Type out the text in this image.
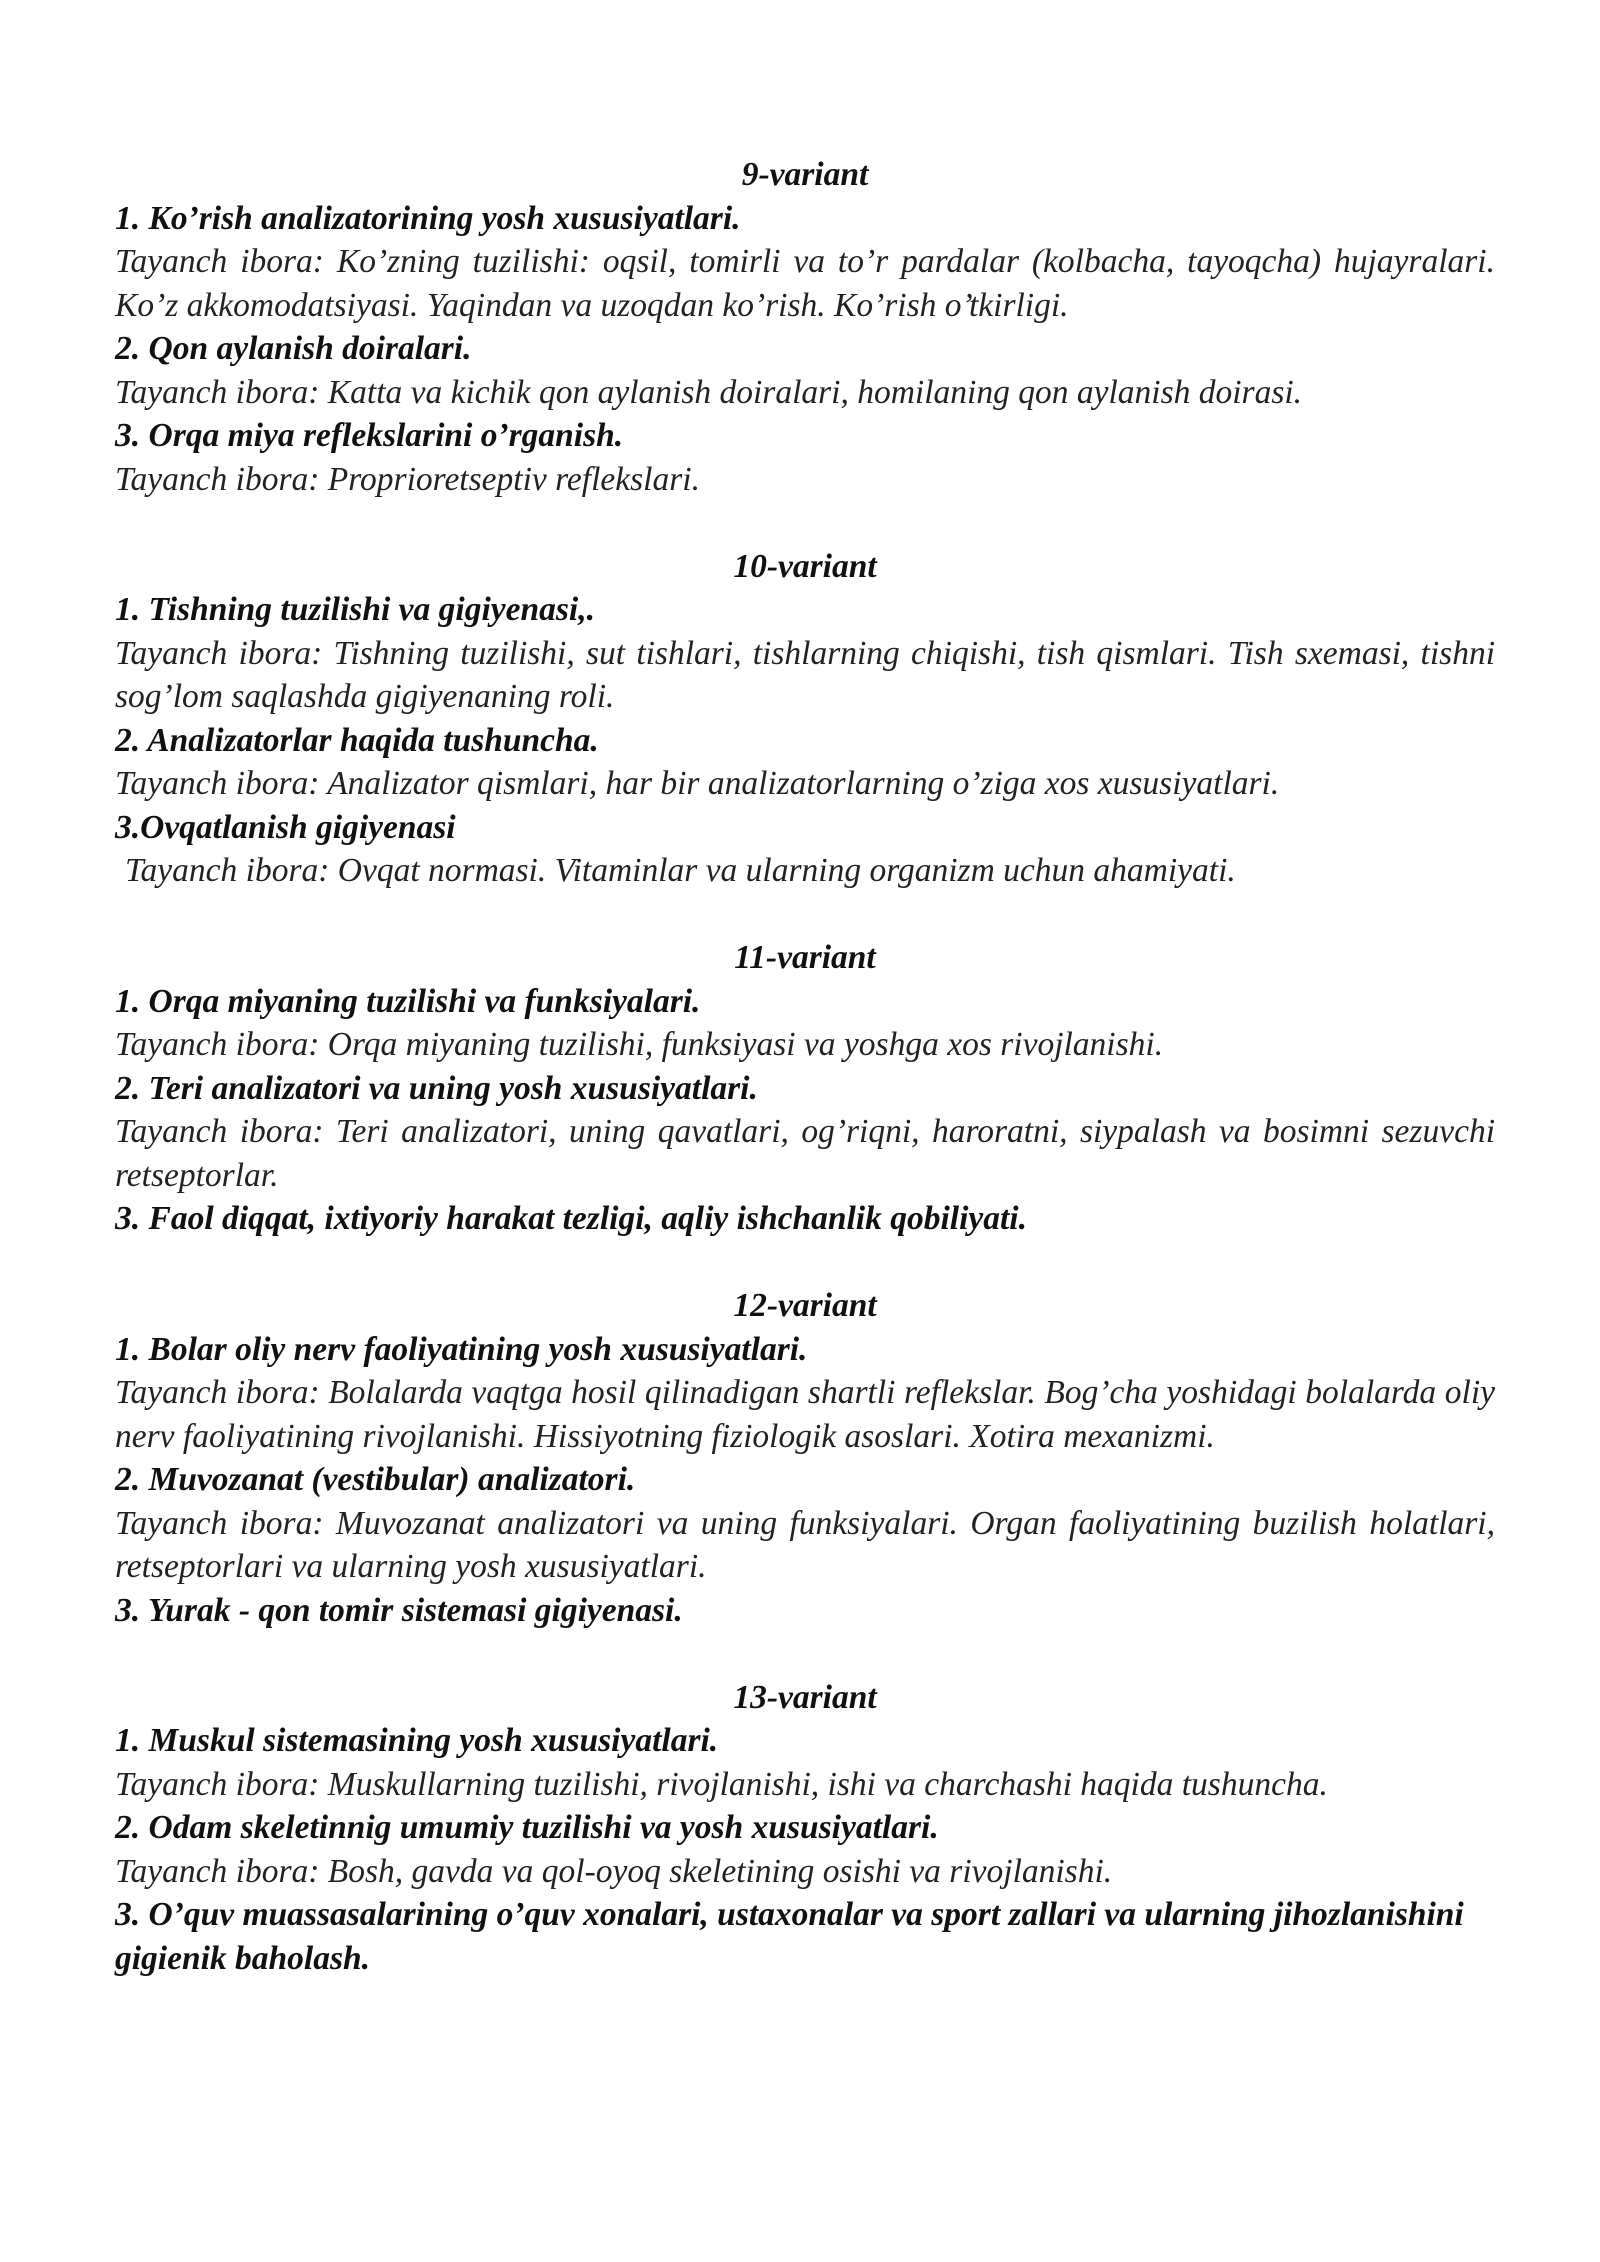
9-variant

1. Ko’rish analizatorining yosh xususiyatlari.

Tayanch ibora: Ko’zning tuzilishi: oqsil, tomirli va to’r pardalar (kolbacha, tayoqcha) hujayralari. Ko’z akkomodatsiyasi. Yaqindan va uzoqdan ko’rish. Ko’rish o’tkirligi.

2. Qon aylanish doiralari.

Tayanch ibora: Katta va kichik qon aylanish doiralari, homilaning qon aylanish doirasi.

3. Orqa miya reflekslarini o’rganish.

Tayanch ibora: Proprioretseptiv reflekslari.

10-variant

1. Tishning tuzilishi va gigiyenasi,.

Tayanch ibora: Tishning tuzilishi, sut tishlari, tishlarning chiqishi, tish qismlari. Tish sxemasi, tishni sog’lom saqlashda gigiyenaning roli.

2. Analizatorlar haqida tushuncha.

Tayanch ibora: Analizator qismlari, har bir analizatorlarning o’ziga xos xususiyatlari.

3.Ovqatlanish gigiyenasi

Tayanch ibora: Ovqat normasi. Vitaminlar va ularning organizm uchun ahamiyati.

11-variant

1. Orqa miyaning tuzilishi va funksiyalari.

Tayanch ibora: Orqa miyaning tuzilishi, funksiyasi va yoshga xos rivojlanishi.

2. Teri analizatori va uning yosh xususiyatlari.

Tayanch ibora: Teri analizatori, uning qavatlari, og’riqni, haroratni, siypalash va bosimni sezuvchi retseptorlar.

3. Faol diqqat, ixtiyoriy harakat tezligi, aqliy ishchanlik qobiliyati.

12-variant

1. Bolar oliy nerv faoliyatining yosh xususiyatlari.

Tayanch ibora: Bolalarda vaqtga hosil qilinadigan shartli reflekslar. Bog’cha yoshidagi bolalarda oliy nerv faoliyatining rivojlanishi. Hissiyotning fiziologik asoslari. Xotira mexanizmi.

2. Muvozanat (vestibular) analizatori.

Tayanch ibora: Muvozanat analizatori va uning funksiyalari. Organ faoliyatining buzilish holatlari, retseptorlari va ularning yosh xususiyatlari.

3. Yurak - qon tomir sistemasi gigiyenasi.

13-variant

1. Muskul sistemasining yosh xususiyatlari.

Tayanch ibora: Muskullarning tuzilishi, rivojlanishi, ishi va charchashi haqida tushuncha.

2. Odam skeletinnig umumiy tuzilishi va yosh xususiyatlari.

Tayanch ibora: Bosh, gavda va qol-oyoq skeletining osishi va rivojlanishi.

3. O’quv muassasalarining o’quv xonalari, ustaxonalar va sport zallari va ularning jihozlanishini gigienik baholash.
